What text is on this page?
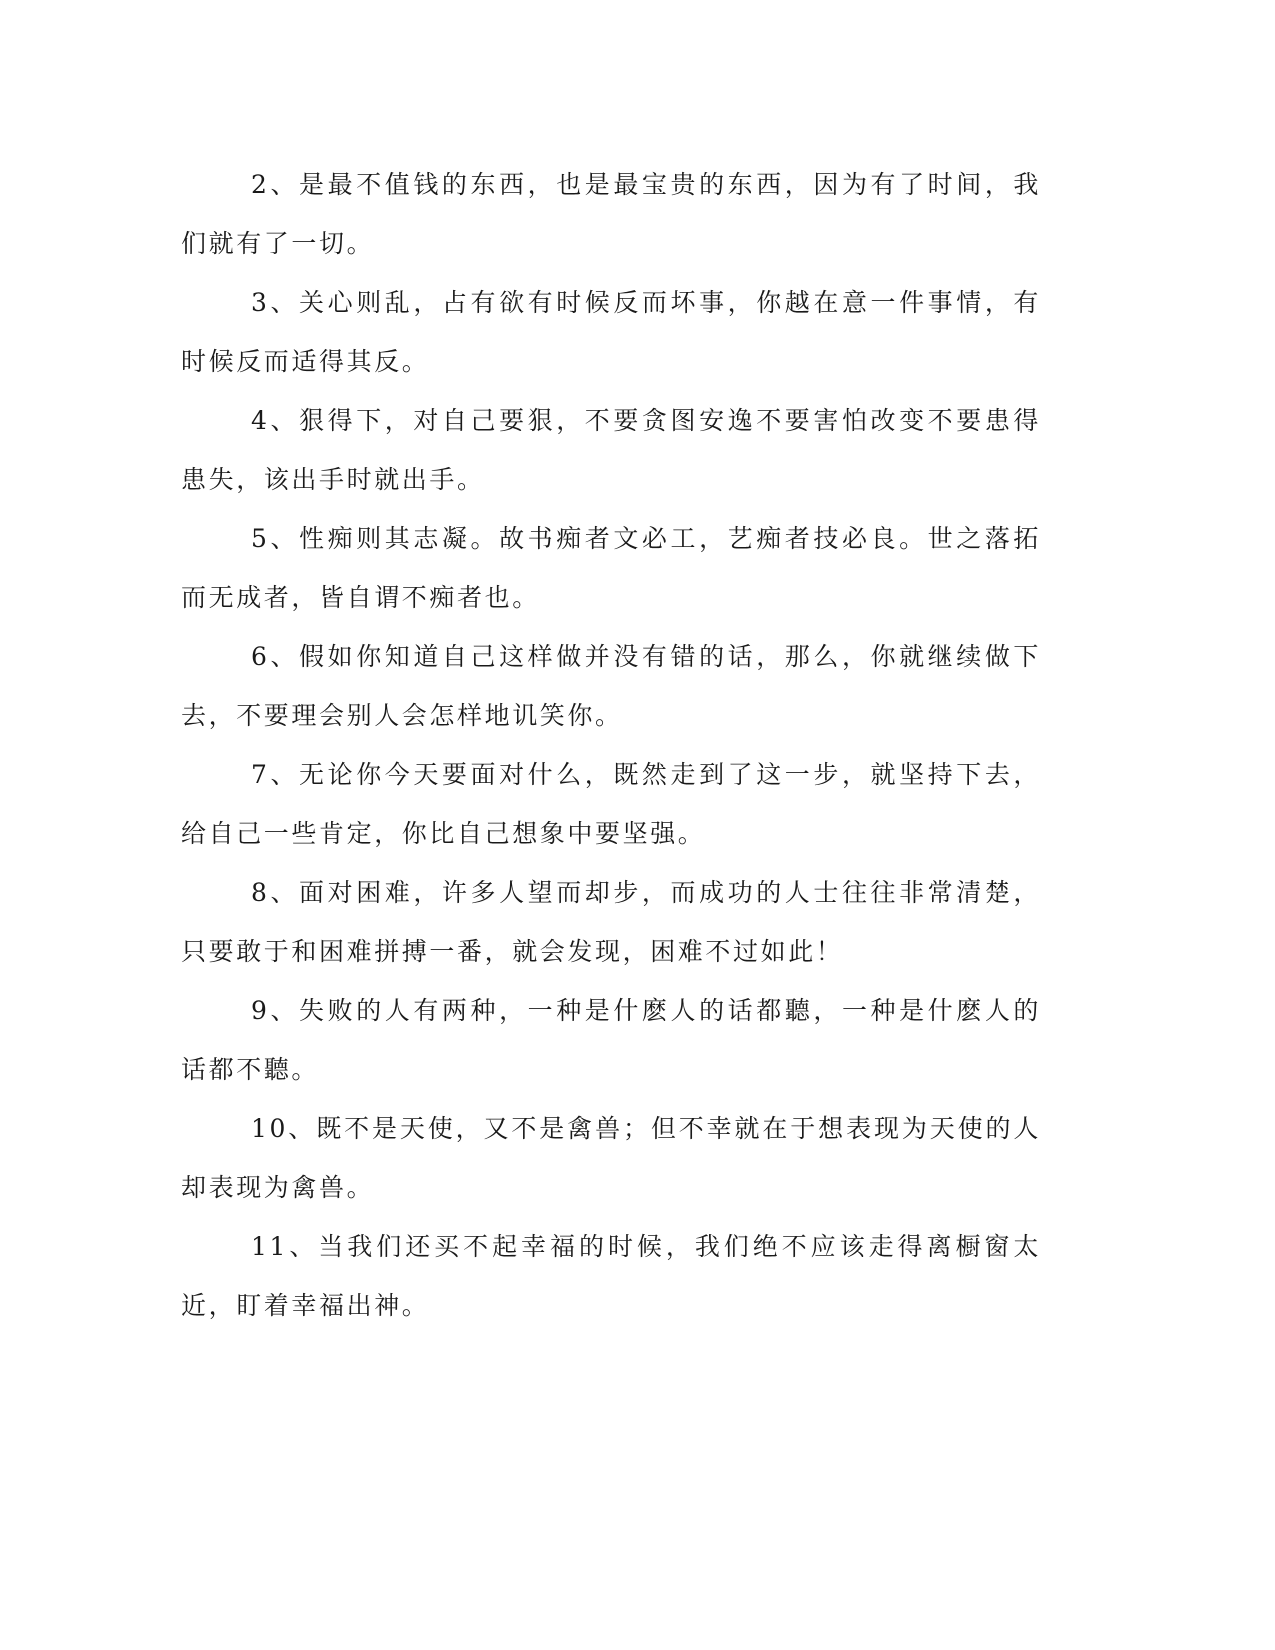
2、是最不值钱的东西，也是最宝贵的东西，因为有了时间，我们就有了一切。

3、关心则乱，占有欲有时候反而坏事，你越在意一件事情，有时候反而适得其反。

4、狠得下，对自己要狠，不要贪图安逸不要害怕改变不要患得患失，该出手时就出手。

5、性痴则其志凝。故书痴者文必工，艺痴者技必良。世之落拓而无成者，皆自谓不痴者也。

6、假如你知道自己这样做并没有错的话，那么，你就继续做下去，不要理会别人会怎样地讥笑你。

7、无论你今天要面对什么，既然走到了这一步，就坚持下去，给自己一些肯定，你比自己想象中要坚强。

8、面对困难，许多人望而却步，而成功的人士往往非常清楚，只要敢于和困难拼搏一番，就会发现，困难不过如此！

9、失败的人有两种，一种是什麽人的话都聽，一种是什麽人的话都不聽。

10、既不是天使，又不是禽兽；但不幸就在于想表现为天使的人却表现为禽兽。

11、当我们还买不起幸福的时候，我们绝不应该走得离橱窗太近，盯着幸福出神。
